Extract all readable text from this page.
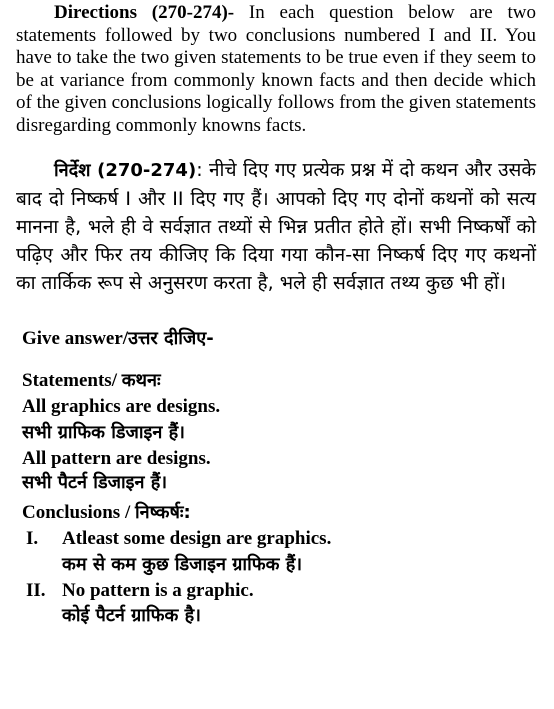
Directions (270-274)- In each question below are two statements followed by two conclusions numbered I and II. You have to take the two given statements to be true even if they seem to be at variance from commonly known facts and then decide which of the given conclusions logically follows from the given statements disregarding commonly knowns facts.
निर्देश (270-274): नीचे दिए गए प्रत्येक प्रश्न में दो कथन और उसके बाद दो निष्कर्ष I और II दिए गए हैं। आपको दिए गए दोनों कथनों को सत्य मानना है, भले ही वे सर्वज्ञात तथ्यों से भिन्न प्रतीत होते हों। सभी निष्कर्षों को पढ़िए और फिर तय कीजिए कि दिया गया कौन-सा निष्कर्ष दिए गए कथनों का तार्किक रूप से अनुसरण करता है, भले ही सर्वज्ञात तथ्य कुछ भी हों।
Give answer/उत्तर दीजिए-
Statements/ कथनः
All graphics are designs.
सभी ग्राफिक डिजाइन हैं।
All pattern are designs.
सभी पैटर्न डिजाइन हैं।
Conclusions / निष्कर्षः:
I. Atleast some design are graphics.
कम से कम कुछ डिजाइन ग्राफिक हैं।
II. No pattern is a graphic.
कोई पैटर्न ग्राफिक है।
